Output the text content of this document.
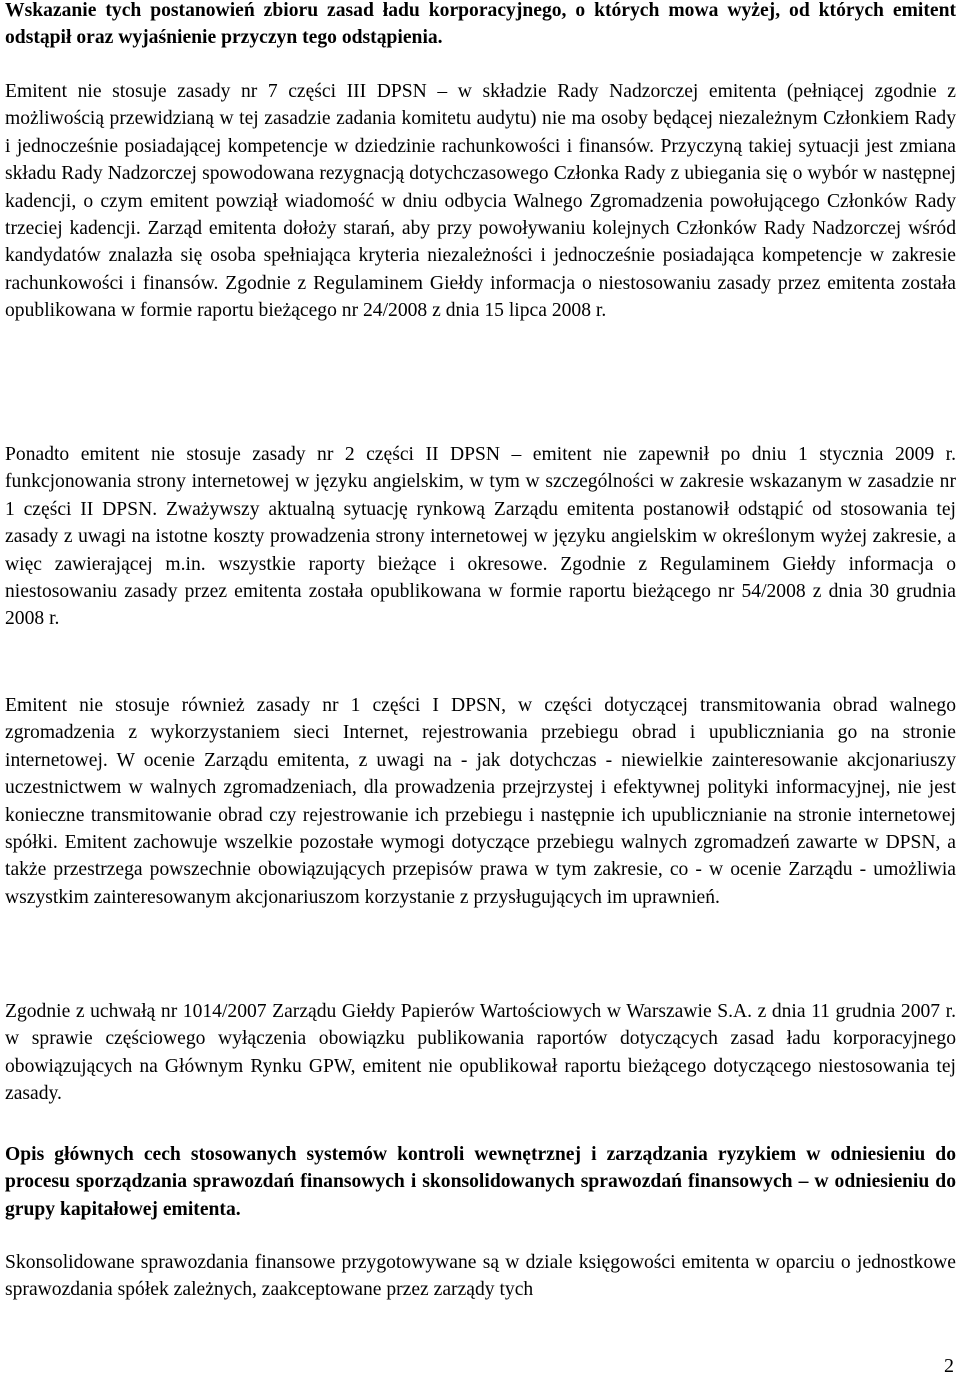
Wskazanie tych postanowień zbioru zasad ładu korporacyjnego, o których mowa wyżej, od których emitent odstąpił oraz wyjaśnienie przyczyn tego odstąpienia.

Emitent nie stosuje zasady nr 7 części III DPSN – w składzie Rady Nadzorczej emitenta (pełniącej zgodnie z możliwością przewidzianą w tej zasadzie zadania komitetu audytu) nie ma osoby będącej niezależnym Członkiem Rady i jednocześnie posiadającej kompetencje w dziedzinie rachunkowości i finansów. Przyczyną takiej sytuacji jest zmiana składu Rady Nadzorczej spowodowana rezygnacją dotychczasowego Członka Rady z ubiegania się o wybór w następnej kadencji, o czym emitent powziął wiadomość w dniu odbycia Walnego Zgromadzenia powołującego Członków Rady trzeciej kadencji. Zarząd emitenta dołoży starań, aby przy powoływaniu kolejnych Członków Rady Nadzorczej wśród kandydatów znalazła się osoba spełniająca kryteria niezależności i jednocześnie posiadająca kompetencje w zakresie rachunkowości i finansów. Zgodnie z Regulaminem Giełdy informacja o niestosowaniu zasady przez emitenta została opublikowana w formie raportu bieżącego nr 24/2008 z dnia 15 lipca 2008 r.

Ponadto emitent nie stosuje zasady nr 2 części II DPSN – emitent nie zapewnił po dniu 1 stycznia 2009 r. funkcjonowania strony internetowej w języku angielskim, w tym w szczególności w zakresie wskazanym w zasadzie nr 1 części II DPSN. Zważywszy aktualną sytuację rynkową Zarządu emitenta postanowił odstąpić od stosowania tej zasady z uwagi na istotne koszty prowadzenia strony internetowej w języku angielskim w określonym wyżej zakresie, a więc zawierającej m.in. wszystkie raporty bieżące i okresowe. Zgodnie z Regulaminem Giełdy informacja o niestosowaniu zasady przez emitenta została opublikowana w formie raportu bieżącego nr 54/2008 z dnia 30 grudnia 2008 r.

Emitent nie stosuje również zasady nr 1 części I DPSN, w części dotyczącej transmitowania obrad walnego zgromadzenia z wykorzystaniem sieci Internet, rejestrowania przebiegu obrad i upubliczniania go na stronie internetowej. W ocenie Zarządu emitenta, z uwagi na - jak dotychczas - niewielkie zainteresowanie akcjonariuszy uczestnictwem w walnych zgromadzeniach, dla prowadzenia przejrzystej i efektywnej polityki informacyjnej, nie jest konieczne transmitowanie obrad czy rejestrowanie ich przebiegu i następnie ich upublicznianie na stronie internetowej spółki. Emitent zachowuje wszelkie pozostałe wymogi dotyczące przebiegu walnych zgromadzeń zawarte w DPSN, a także przestrzega powszechnie obowiązujących przepisów prawa w tym zakresie, co - w ocenie Zarządu - umożliwia wszystkim zainteresowanym akcjonariuszom korzystanie z przysługujących im uprawnień.

Zgodnie z uchwałą nr 1014/2007 Zarządu Giełdy Papierów Wartościowych w Warszawie S.A. z dnia 11 grudnia 2007 r. w sprawie częściowego wyłączenia obowiązku publikowania raportów dotyczących zasad ładu korporacyjnego obowiązujących na Głównym Rynku GPW, emitent nie opublikował raportu bieżącego dotyczącego niestosowania tej zasady.

Opis głównych cech stosowanych systemów kontroli wewnętrznej i zarządzania ryzykiem w odniesieniu do procesu sporządzania sprawozdań finansowych i skonsolidowanych sprawozdań finansowych – w odniesieniu do grupy kapitałowej emitenta.

Skonsolidowane sprawozdania finansowe przygotowywane są w dziale księgowości emitenta w oparciu o jednostkowe sprawozdania spółek zależnych, zaakceptowane przez zarządy tych

2
